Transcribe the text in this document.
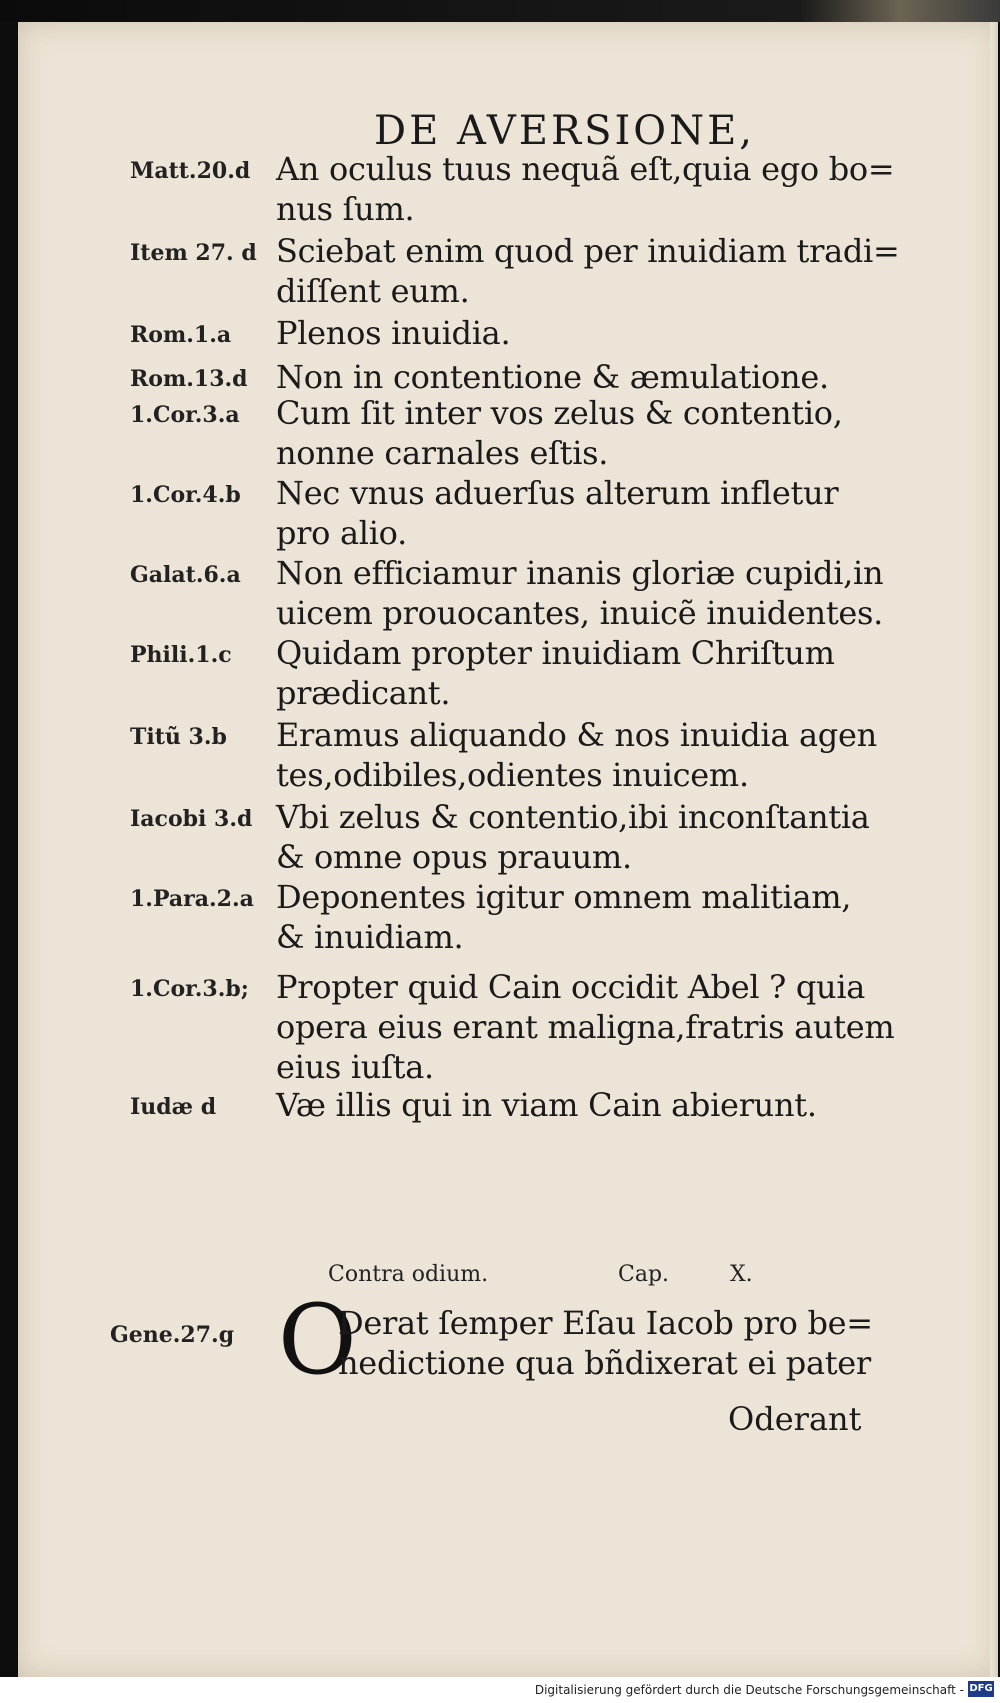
DE AVERSIONE,
Matt.20.d An oculus tuus nequã eſt,quia ego bo=
nus ſum.
Item 27. d Sciebat enim quod per inuidiam tradi=
diſſent eum.
Rom.1.a Plenos inuidia.
Rom.13.d Non in contentione & æmulatione.
1.Cor.3.a Cum ſit inter vos zelus & contentio,
nonne carnales eſtis.
1.Cor.4.b Nec vnus aduerſus alterum infletur
pro alio.
Galat.6.a Non efficiamur inanis gloriæ cupidi,in
uicem prouocantes, inuicẽ inuidentes.
Phili.1.c Quidam propter inuidiam Chriſtum
prædicant.
Titũ 3.b Eramus aliquando & nos inuidia agen
tes,odibiles,odientes inuicem.
Iacobi 3.d Vbi zelus & contentio,ibi inconſtantia
& omne opus prauum.
1.Para.2.a Deponentes igitur omnem malitiam,
& inuidiam.
1.Cor.3.b; Propter quid Cain occidit Abel ? quia
opera eius erant maligna,fratris autem
eius iuſta.
Iudæ d Væ illis qui in viam Cain abierunt.
Contra odium.	Cap.	X.
Gene.27.g O
Derat ſemper Eſau Iacob pro be=
nedictione qua bñdixerat ei pater
Oderant
Digitalisierung gefördert durch die Deutsche Forschungsgemeinschaft - DFG
